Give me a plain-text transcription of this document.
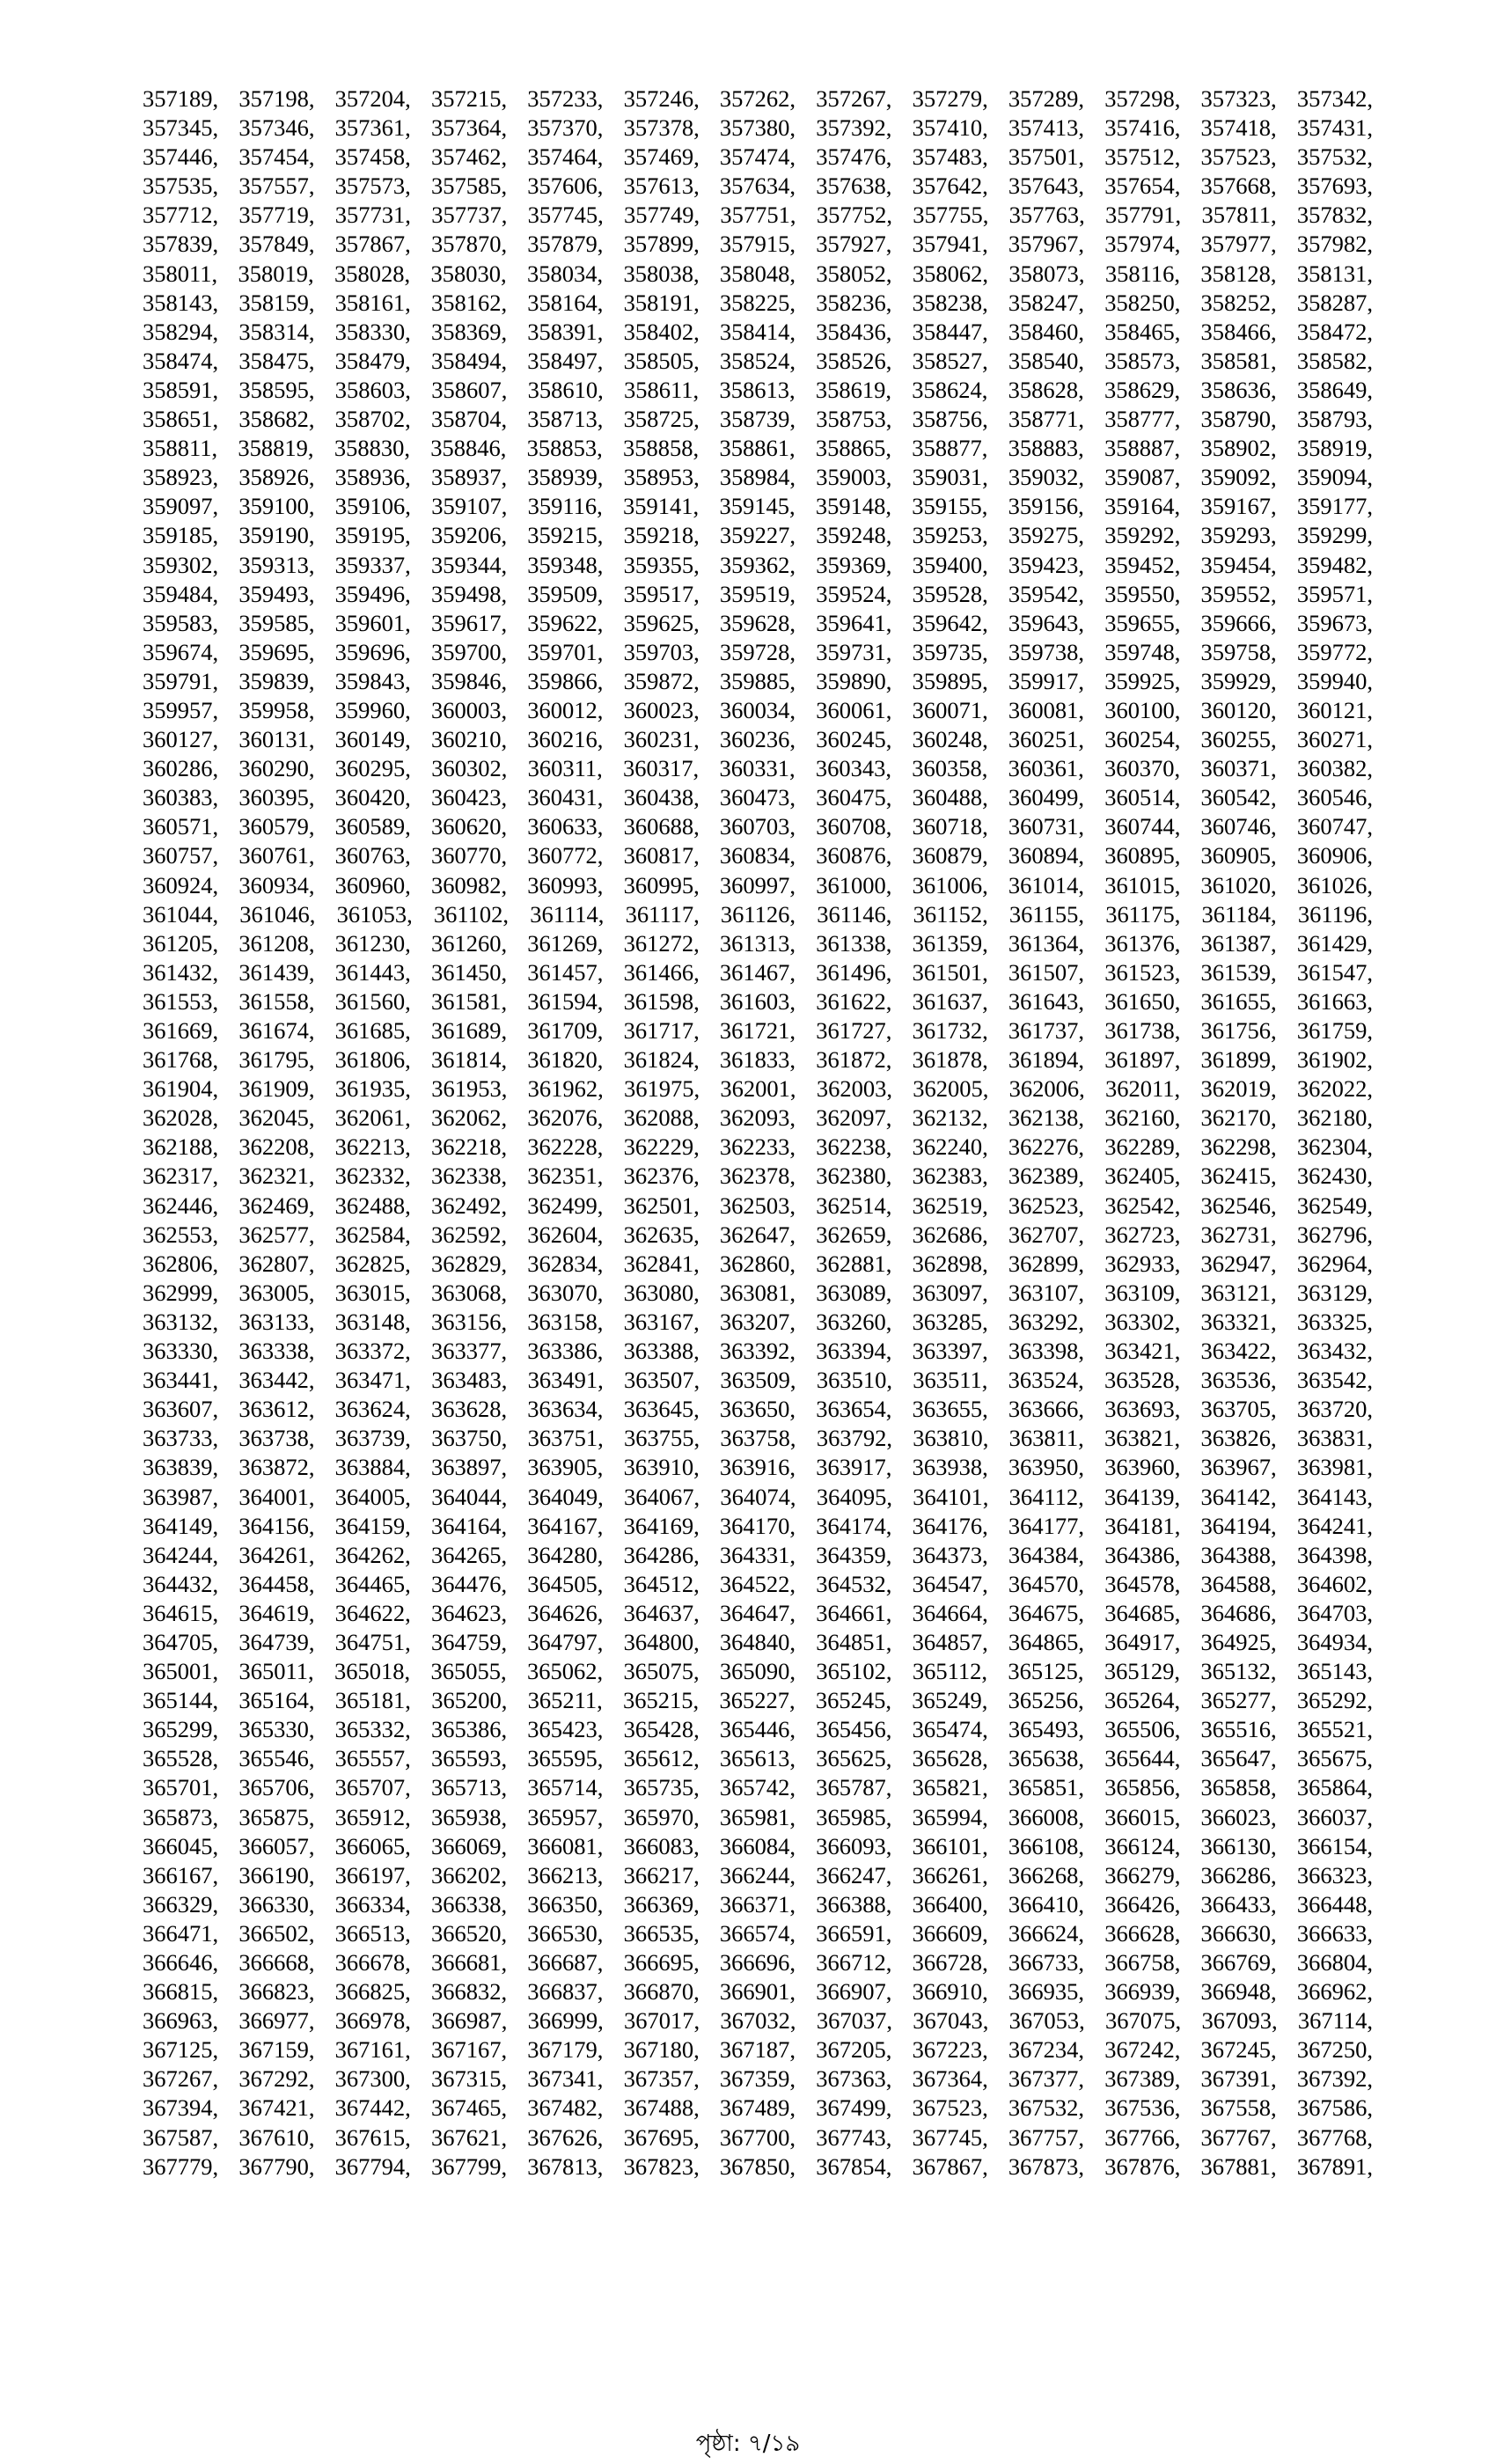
357189, 357198, 357204, 357215, 357233, 357246, 357262, 357267, 357279, 357289, 357298, 357323, 357342,
357345, 357346, 357361, 357364, 357370, 357378, 357380, 357392, 357410, 357413, 357416, 357418, 357431,
357446, 357454, 357458, 357462, 357464, 357469, 357474, 357476, 357483, 357501, 357512, 357523, 357532,
357535, 357557, 357573, 357585, 357606, 357613, 357634, 357638, 357642, 357643, 357654, 357668, 357693,
357712, 357719, 357731, 357737, 357745, 357749, 357751, 357752, 357755, 357763, 357791, 357811, 357832,
357839, 357849, 357867, 357870, 357879, 357899, 357915, 357927, 357941, 357967, 357974, 357977, 357982,
358011, 358019, 358028, 358030, 358034, 358038, 358048, 358052, 358062, 358073, 358116, 358128, 358131,
358143, 358159, 358161, 358162, 358164, 358191, 358225, 358236, 358238, 358247, 358250, 358252, 358287,
358294, 358314, 358330, 358369, 358391, 358402, 358414, 358436, 358447, 358460, 358465, 358466, 358472,
358474, 358475, 358479, 358494, 358497, 358505, 358524, 358526, 358527, 358540, 358573, 358581, 358582,
358591, 358595, 358603, 358607, 358610, 358611, 358613, 358619, 358624, 358628, 358629, 358636, 358649,
358651, 358682, 358702, 358704, 358713, 358725, 358739, 358753, 358756, 358771, 358777, 358790, 358793,
358811, 358819, 358830, 358846, 358853, 358858, 358861, 358865, 358877, 358883, 358887, 358902, 358919,
358923, 358926, 358936, 358937, 358939, 358953, 358984, 359003, 359031, 359032, 359087, 359092, 359094,
359097, 359100, 359106, 359107, 359116, 359141, 359145, 359148, 359155, 359156, 359164, 359167, 359177,
359185, 359190, 359195, 359206, 359215, 359218, 359227, 359248, 359253, 359275, 359292, 359293, 359299,
359302, 359313, 359337, 359344, 359348, 359355, 359362, 359369, 359400, 359423, 359452, 359454, 359482,
359484, 359493, 359496, 359498, 359509, 359517, 359519, 359524, 359528, 359542, 359550, 359552, 359571,
359583, 359585, 359601, 359617, 359622, 359625, 359628, 359641, 359642, 359643, 359655, 359666, 359673,
359674, 359695, 359696, 359700, 359701, 359703, 359728, 359731, 359735, 359738, 359748, 359758, 359772,
359791, 359839, 359843, 359846, 359866, 359872, 359885, 359890, 359895, 359917, 359925, 359929, 359940,
359957, 359958, 359960, 360003, 360012, 360023, 360034, 360061, 360071, 360081, 360100, 360120, 360121,
360127, 360131, 360149, 360210, 360216, 360231, 360236, 360245, 360248, 360251, 360254, 360255, 360271,
360286, 360290, 360295, 360302, 360311, 360317, 360331, 360343, 360358, 360361, 360370, 360371, 360382,
360383, 360395, 360420, 360423, 360431, 360438, 360473, 360475, 360488, 360499, 360514, 360542, 360546,
360571, 360579, 360589, 360620, 360633, 360688, 360703, 360708, 360718, 360731, 360744, 360746, 360747,
360757, 360761, 360763, 360770, 360772, 360817, 360834, 360876, 360879, 360894, 360895, 360905, 360906,
360924, 360934, 360960, 360982, 360993, 360995, 360997, 361000, 361006, 361014, 361015, 361020, 361026,
361044, 361046, 361053, 361102, 361114, 361117, 361126, 361146, 361152, 361155, 361175, 361184, 361196,
361205, 361208, 361230, 361260, 361269, 361272, 361313, 361338, 361359, 361364, 361376, 361387, 361429,
361432, 361439, 361443, 361450, 361457, 361466, 361467, 361496, 361501, 361507, 361523, 361539, 361547,
361553, 361558, 361560, 361581, 361594, 361598, 361603, 361622, 361637, 361643, 361650, 361655, 361663,
361669, 361674, 361685, 361689, 361709, 361717, 361721, 361727, 361732, 361737, 361738, 361756, 361759,
361768, 361795, 361806, 361814, 361820, 361824, 361833, 361872, 361878, 361894, 361897, 361899, 361902,
361904, 361909, 361935, 361953, 361962, 361975, 362001, 362003, 362005, 362006, 362011, 362019, 362022,
362028, 362045, 362061, 362062, 362076, 362088, 362093, 362097, 362132, 362138, 362160, 362170, 362180,
362188, 362208, 362213, 362218, 362228, 362229, 362233, 362238, 362240, 362276, 362289, 362298, 362304,
362317, 362321, 362332, 362338, 362351, 362376, 362378, 362380, 362383, 362389, 362405, 362415, 362430,
362446, 362469, 362488, 362492, 362499, 362501, 362503, 362514, 362519, 362523, 362542, 362546, 362549,
362553, 362577, 362584, 362592, 362604, 362635, 362647, 362659, 362686, 362707, 362723, 362731, 362796,
362806, 362807, 362825, 362829, 362834, 362841, 362860, 362881, 362898, 362899, 362933, 362947, 362964,
362999, 363005, 363015, 363068, 363070, 363080, 363081, 363089, 363097, 363107, 363109, 363121, 363129,
363132, 363133, 363148, 363156, 363158, 363167, 363207, 363260, 363285, 363292, 363302, 363321, 363325,
363330, 363338, 363372, 363377, 363386, 363388, 363392, 363394, 363397, 363398, 363421, 363422, 363432,
363441, 363442, 363471, 363483, 363491, 363507, 363509, 363510, 363511, 363524, 363528, 363536, 363542,
363607, 363612, 363624, 363628, 363634, 363645, 363650, 363654, 363655, 363666, 363693, 363705, 363720,
363733, 363738, 363739, 363750, 363751, 363755, 363758, 363792, 363810, 363811, 363821, 363826, 363831,
363839, 363872, 363884, 363897, 363905, 363910, 363916, 363917, 363938, 363950, 363960, 363967, 363981,
363987, 364001, 364005, 364044, 364049, 364067, 364074, 364095, 364101, 364112, 364139, 364142, 364143,
364149, 364156, 364159, 364164, 364167, 364169, 364170, 364174, 364176, 364177, 364181, 364194, 364241,
364244, 364261, 364262, 364265, 364280, 364286, 364331, 364359, 364373, 364384, 364386, 364388, 364398,
364432, 364458, 364465, 364476, 364505, 364512, 364522, 364532, 364547, 364570, 364578, 364588, 364602,
364615, 364619, 364622, 364623, 364626, 364637, 364647, 364661, 364664, 364675, 364685, 364686, 364703,
364705, 364739, 364751, 364759, 364797, 364800, 364840, 364851, 364857, 364865, 364917, 364925, 364934,
365001, 365011, 365018, 365055, 365062, 365075, 365090, 365102, 365112, 365125, 365129, 365132, 365143,
365144, 365164, 365181, 365200, 365211, 365215, 365227, 365245, 365249, 365256, 365264, 365277, 365292,
365299, 365330, 365332, 365386, 365423, 365428, 365446, 365456, 365474, 365493, 365506, 365516, 365521,
365528, 365546, 365557, 365593, 365595, 365612, 365613, 365625, 365628, 365638, 365644, 365647, 365675,
365701, 365706, 365707, 365713, 365714, 365735, 365742, 365787, 365821, 365851, 365856, 365858, 365864,
365873, 365875, 365912, 365938, 365957, 365970, 365981, 365985, 365994, 366008, 366015, 366023, 366037,
366045, 366057, 366065, 366069, 366081, 366083, 366084, 366093, 366101, 366108, 366124, 366130, 366154,
366167, 366190, 366197, 366202, 366213, 366217, 366244, 366247, 366261, 366268, 366279, 366286, 366323,
366329, 366330, 366334, 366338, 366350, 366369, 366371, 366388, 366400, 366410, 366426, 366433, 366448,
366471, 366502, 366513, 366520, 366530, 366535, 366574, 366591, 366609, 366624, 366628, 366630, 366633,
366646, 366668, 366678, 366681, 366687, 366695, 366696, 366712, 366728, 366733, 366758, 366769, 366804,
366815, 366823, 366825, 366832, 366837, 366870, 366901, 366907, 366910, 366935, 366939, 366948, 366962,
366963, 366977, 366978, 366987, 366999, 367017, 367032, 367037, 367043, 367053, 367075, 367093, 367114,
367125, 367159, 367161, 367167, 367179, 367180, 367187, 367205, 367223, 367234, 367242, 367245, 367250,
367267, 367292, 367300, 367315, 367341, 367357, 367359, 367363, 367364, 367377, 367389, 367391, 367392,
367394, 367421, 367442, 367465, 367482, 367488, 367489, 367499, 367523, 367532, 367536, 367558, 367586,
367587, 367610, 367615, 367621, 367626, 367695, 367700, 367743, 367745, 367757, 367766, 367767, 367768,
367779, 367790, 367794, 367799, 367813, 367823, 367850, 367854, 367867, 367873, 367876, 367881, 367891,
পৃষ্ঠা: ৭/১৯
